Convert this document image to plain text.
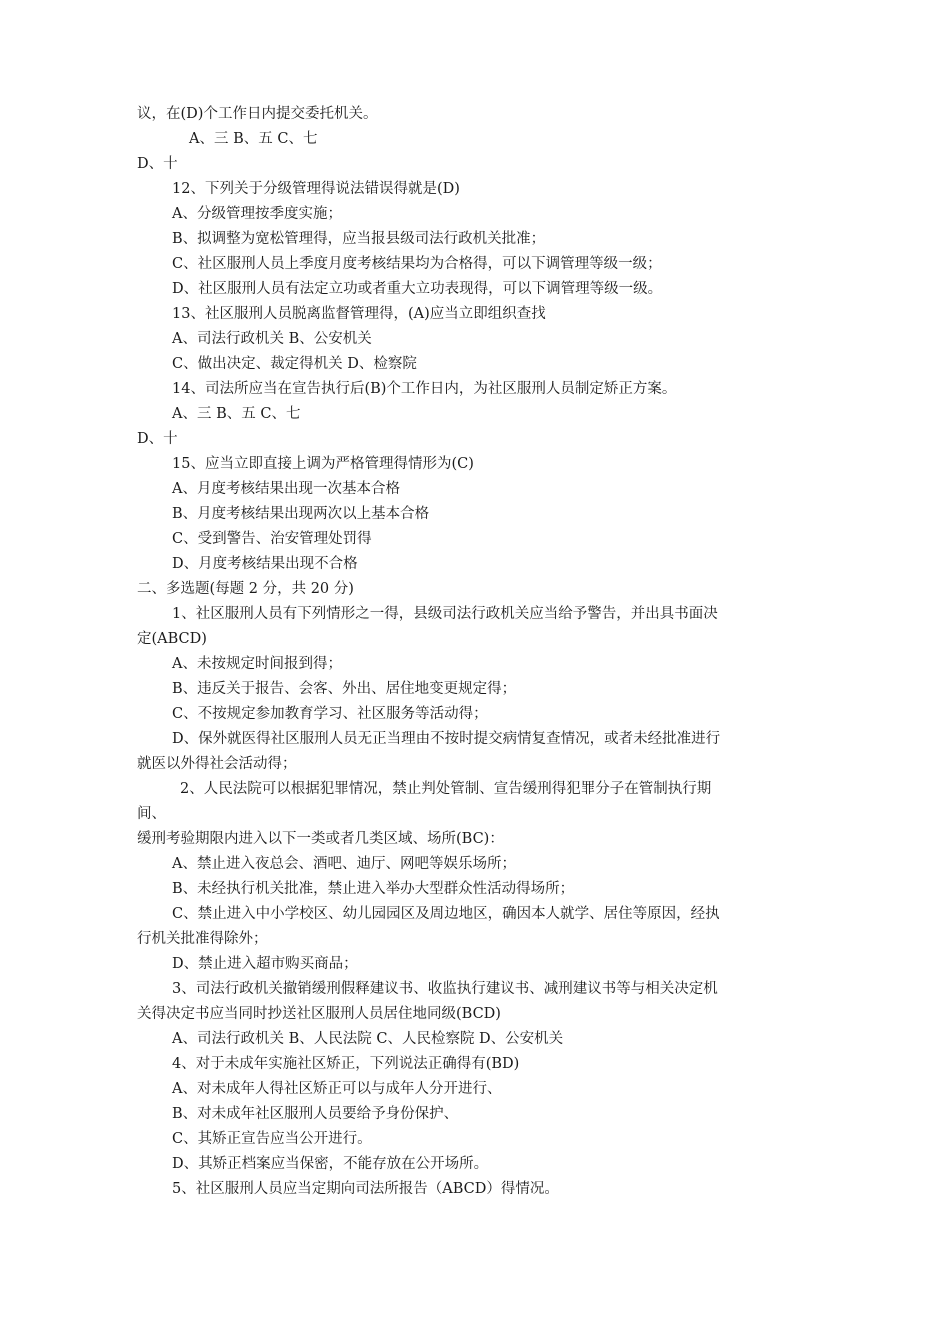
议，在(D)个工作日内提交委托机关。
A、三 B、五 C、七
D、十
12、下列关于分级管理得说法错误得就是(D)
A、分级管理按季度实施；
B、拟调整为宽松管理得，应当报县级司法行政机关批准；
C、社区服刑人员上季度月度考核结果均为合格得，可以下调管理等级一级；
D、社区服刑人员有法定立功或者重大立功表现得，可以下调管理等级一级。
13、社区服刑人员脱离监督管理得，(A)应当立即组织查找
A、司法行政机关 B、公安机关
C、做出决定、裁定得机关 D、检察院
14、司法所应当在宣告执行后(B)个工作日内，为社区服刑人员制定矫正方案。
A、三 B、五 C、七
D、十
15、应当立即直接上调为严格管理得情形为(C)
A、月度考核结果出现一次基本合格
B、月度考核结果出现两次以上基本合格
C、受到警告、治安管理处罚得
D、月度考核结果出现不合格
二、多选题(每题 2 分，共 20 分)
1、社区服刑人员有下列情形之一得，县级司法行政机关应当给予警告，并出具书面决
定(ABCD)
A、未按规定时间报到得；
B、违反关于报告、会客、外出、居住地变更规定得；
C、不按规定参加教育学习、社区服务等活动得；
D、保外就医得社区服刑人员无正当理由不按时提交病情复查情况，或者未经批准进行
就医以外得社会活动得；
2、人民法院可以根据犯罪情况，禁止判处管制、宣告缓刑得犯罪分子在管制执行期
间、
缓刑考验期限内进入以下一类或者几类区域、场所(BC)：
A、禁止进入夜总会、酒吧、迪厅、网吧等娱乐场所；
B、未经执行机关批准，禁止进入举办大型群众性活动得场所；
C、禁止进入中小学校区、幼儿园园区及周边地区，确因本人就学、居住等原因，经执
行机关批准得除外；
D、禁止进入超市购买商品；
3、司法行政机关撤销缓刑假释建议书、收监执行建议书、减刑建议书等与相关决定机
关得决定书应当同时抄送社区服刑人员居住地同级(BCD)
A、司法行政机关 B、人民法院 C、人民检察院 D、公安机关
4、对于未成年实施社区矫正，下列说法正确得有(BD)
A、对未成年人得社区矫正可以与成年人分开进行、
B、对未成年社区服刑人员要给予身份保护、
C、其矫正宣告应当公开进行。
D、其矫正档案应当保密，不能存放在公开场所。
5、社区服刑人员应当定期向司法所报告（ABCD）得情况。
